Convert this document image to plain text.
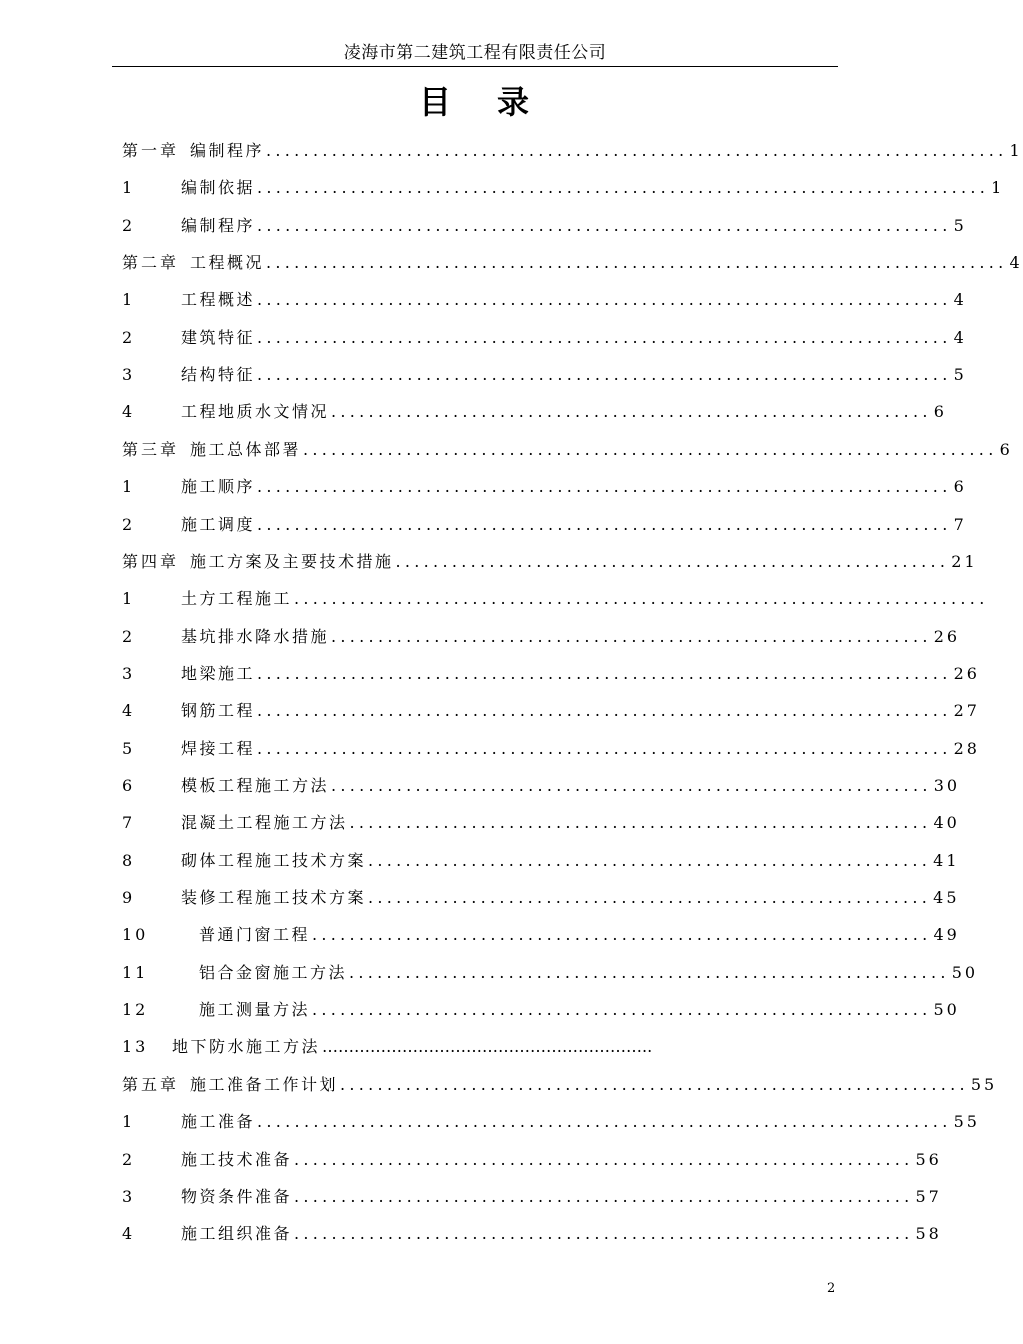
凌海市第二建筑工程有限责任公司
目 录
第一章 编制程序 ............................................................................... 1
1	编制依据 .............................................................................. 1
2	编制程序 .......................................................................... 5
第二章 工程概况 ............................................................................... 4
1	工程概述 .......................................................................... 4
2	建筑特征 .......................................................................... 4
3	结构特征 .......................................................................... 5
4	工程地质水文情况 ................................................................ 6
第三章 施工总体部署 .......................................................................... 6
1	施工顺序 .......................................................................... 6
2	施工调度 .......................................................................... 7
第四章 施工方案及主要技术措施 ........................................................... 21
1	土方工程施工 ..........................................................................
2	基坑排水降水措施 ................................................................ 26
3	地梁施工 .......................................................................... 26
4	钢筋工程 .......................................................................... 27
5	焊接工程 .......................................................................... 28
6	模板工程施工方法 ................................................................ 30
7	混凝土工程施工方法 .............................................................. 40
8	砌体工程施工技术方案 ............................................................ 41
9	装修工程施工技术方案 ............................................................ 45
10	普通门窗工程 .................................................................. 49
11	铝合金窗施工方法 ................................................................ 50
12	施工测量方法 .................................................................. 50
13	地下防水施工方法 ……………………………………………………..
第五章 施工准备工作计划 ................................................................... 55
1	施工准备 .......................................................................... 55
2	施工技术准备 .................................................................. 56
3	物资条件准备 .................................................................. 57
4	施工组织准备 .................................................................. 58
2
